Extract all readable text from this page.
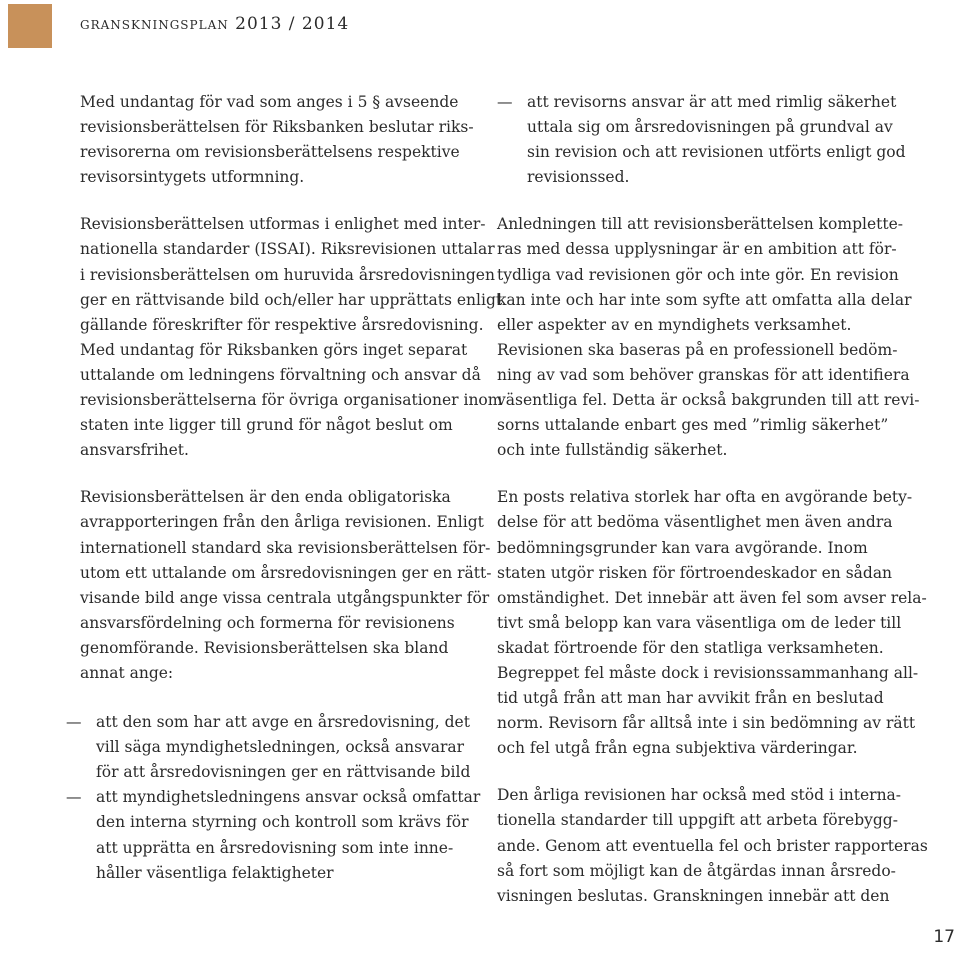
granskningsplan 2013 / 2014

Med undantag för vad som anges i 5 § avseende
revisionsberättelsen för Riksbanken beslutar riks-
revisorerna om revisionsberättelsens respektive
revisorsintygets utformning.

Revisionsberättelsen utformas i enlighet med inter-
nationella standarder (ISSAI). Riksrevisionen uttalar
i revisionsberättelsen om huruvida årsredovisningen
ger en rättvisande bild och/eller har upprättats enligt
gällande föreskrifter för respektive årsredovisning.
Med undantag för Riksbanken görs inget separat
uttalande om ledningens förvaltning och ansvar då
revisionsberättelserna för övriga organisationer inom
staten inte ligger till grund för något beslut om
ansvarsfrihet.

Revisionsberättelsen är den enda obligatoriska
avrapporteringen från den årliga revisionen. Enligt
internationell standard ska revisionsberättelsen för-
utom ett uttalande om årsredovisningen ger en rätt-
visande bild ange vissa centrala utgångspunkter för
ansvarsfördelning och formerna för revisionens
genomförande. Revisionsberättelsen ska bland
annat ange:

— att den som har att avge en årsredovisning, det
vill säga myndighetsledningen, också ansvarar
för att årsredovisningen ger en rättvisande bild
— att myndighetsledningens ansvar också omfattar
den interna styrning och kontroll som krävs för
att upprätta en årsredovisning som inte inne-
håller väsentliga felaktigheter
— att revisorns ansvar är att med rimlig säkerhet
uttala sig om årsredovisningen på grundval av
sin revision och att revisionen utförts enligt god
revisionssed.

Anledningen till att revisionsberättelsen komplette-
ras med dessa upplysningar är en ambition att för-
tydliga vad revisionen gör och inte gör. En revision
kan inte och har inte som syfte att omfatta alla delar
eller aspekter av en myndighets verksamhet.
Revisionen ska baseras på en professionell bedöm-
ning av vad som behöver granskas för att identifiera
väsentliga fel. Detta är också bakgrunden till att revi-
sorns uttalande enbart ges med ”rimlig säkerhet”
och inte fullständig säkerhet.

En posts relativa storlek har ofta en avgörande bety-
delse för att bedöma väsentlighet men även andra
bedömningsgrunder kan vara avgörande. Inom
staten utgör risken för förtroendeskador en sådan
omständighet. Det innebär att även fel som avser rela-
tivt små belopp kan vara väsentliga om de leder till
skadat förtroende för den statliga verksamheten.
Begreppet fel måste dock i revisionssammanhang all-
tid utgå från att man har avvikit från en beslutad
norm. Revisorn får alltså inte i sin bedömning av rätt
och fel utgå från egna subjektiva värderingar.

Den årliga revisionen har också med stöd i interna-
tionella standarder till uppgift att arbeta förebygg-
ande. Genom att eventuella fel och brister rapporteras
så fort som möjligt kan de åtgärdas innan årsredo-
visningen beslutas. Granskningen innebär att den

17
